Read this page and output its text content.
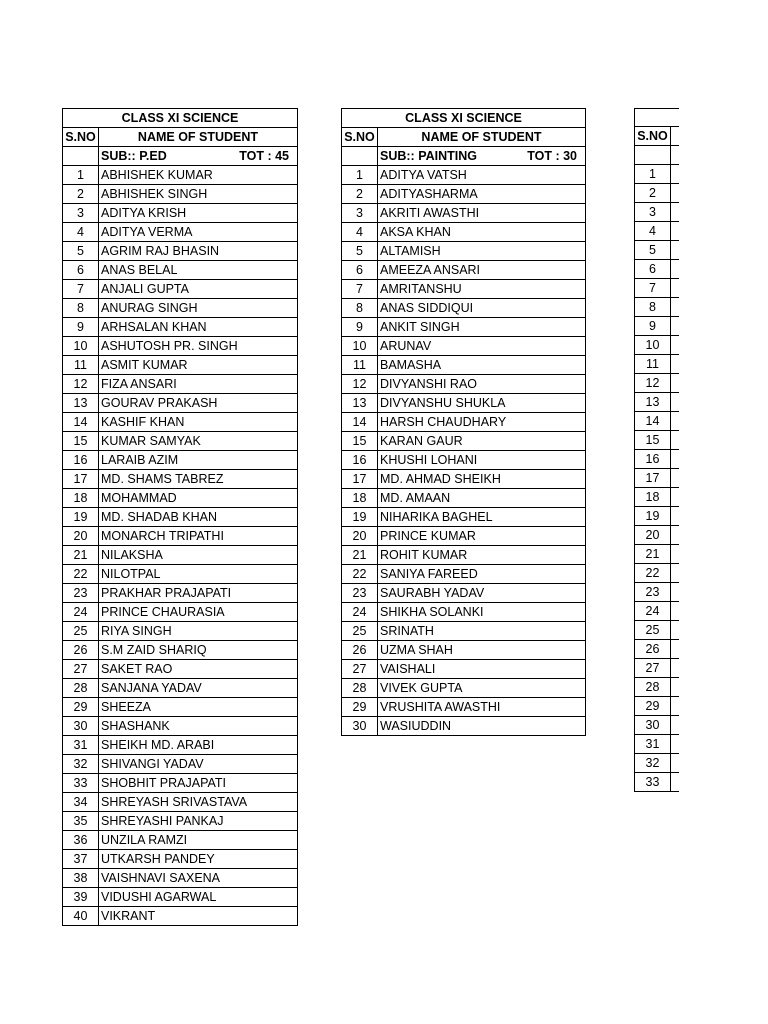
CLASS XI SCIENCE	
S.NO	NAME OF STUDENT

	SUB:: P.ED TOT : 45

1	ABHISHEK KUMAR
2	ABHISHEK SINGH
3	ADITYA KRISH
4	ADITYA VERMA
5	AGRIM RAJ BHASIN
6	ANAS BELAL
7	ANJALI GUPTA
8	ANURAG SINGH
9	ARHSALAN KHAN
10	ASHUTOSH PR. SINGH
11	ASMIT KUMAR
12	FIZA ANSARI
13	GOURAV PRAKASH
14	KASHIF KHAN
15	KUMAR SAMYAK
16	LARAIB AZIM
17	MD. SHAMS TABREZ
18	MOHAMMAD
19	MD. SHADAB KHAN
20	MONARCH TRIPATHI
21	NILAKSHA
22	NILOTPAL
23	PRAKHAR PRAJAPATI
24	PRINCE CHAURASIA
25	RIYA SINGH
26	S.M ZAID SHARIQ
27	SAKET RAO
28	SANJANA YADAV
29	SHEEZA
30	SHASHANK
31	SHEIKH MD. ARABI
32	SHIVANGI YADAV
33	SHOBHIT PRAJAPATI
34	SHREYASH SRIVASTAVA
35	SHREYASHI PANKAJ
36	UNZILA RAMZI
37	UTKARSH PANDEY
38	VAISHNAVI SAXENA
39	VIDUSHI AGARWAL
40	VIKRANT
CLASS XI SCIENCE	
S.NO	NAME OF STUDENT

	SUB:: PAINTING TOT : 30

1	ADITYA VATSH
2	ADITYASHARMA
3	AKRITI AWASTHI
4	AKSA KHAN
5	ALTAMISH
6	AMEEZA ANSARI
7	AMRITANSHU
8	ANAS SIDDIQUI
9	ANKIT SINGH
10	ARUNAV
11	BAMASHA
12	DIVYANSHI RAO
13	DIVYANSHU SHUKLA
14	HARSH CHAUDHARY
15	KARAN GAUR
16	KHUSHI LOHANI
17	MD. AHMAD SHEIKH
18	MD. AMAAN
19	NIHARIKA BAGHEL
20	PRINCE KUMAR
21	ROHIT KUMAR
22	SANIYA FAREED
23	SAURABH YADAV
24	SHIKHA SOLANKI
25	SRINATH
26	UZMA SHAH
27	VAISHALI
28	VIVEK GUPTA
29	VRUSHITA AWASTHI
30	WASIUDDIN

S.NO	

1	
2	
3	
4	
5	
6	
7	
8	
9	
10	
11	
12	
13	
14	
15	
16	
17	
18	
19	
20	
21	
22	
23	
24	
25	
26	
27	
28	
29	
30	
31	
32	
33	
